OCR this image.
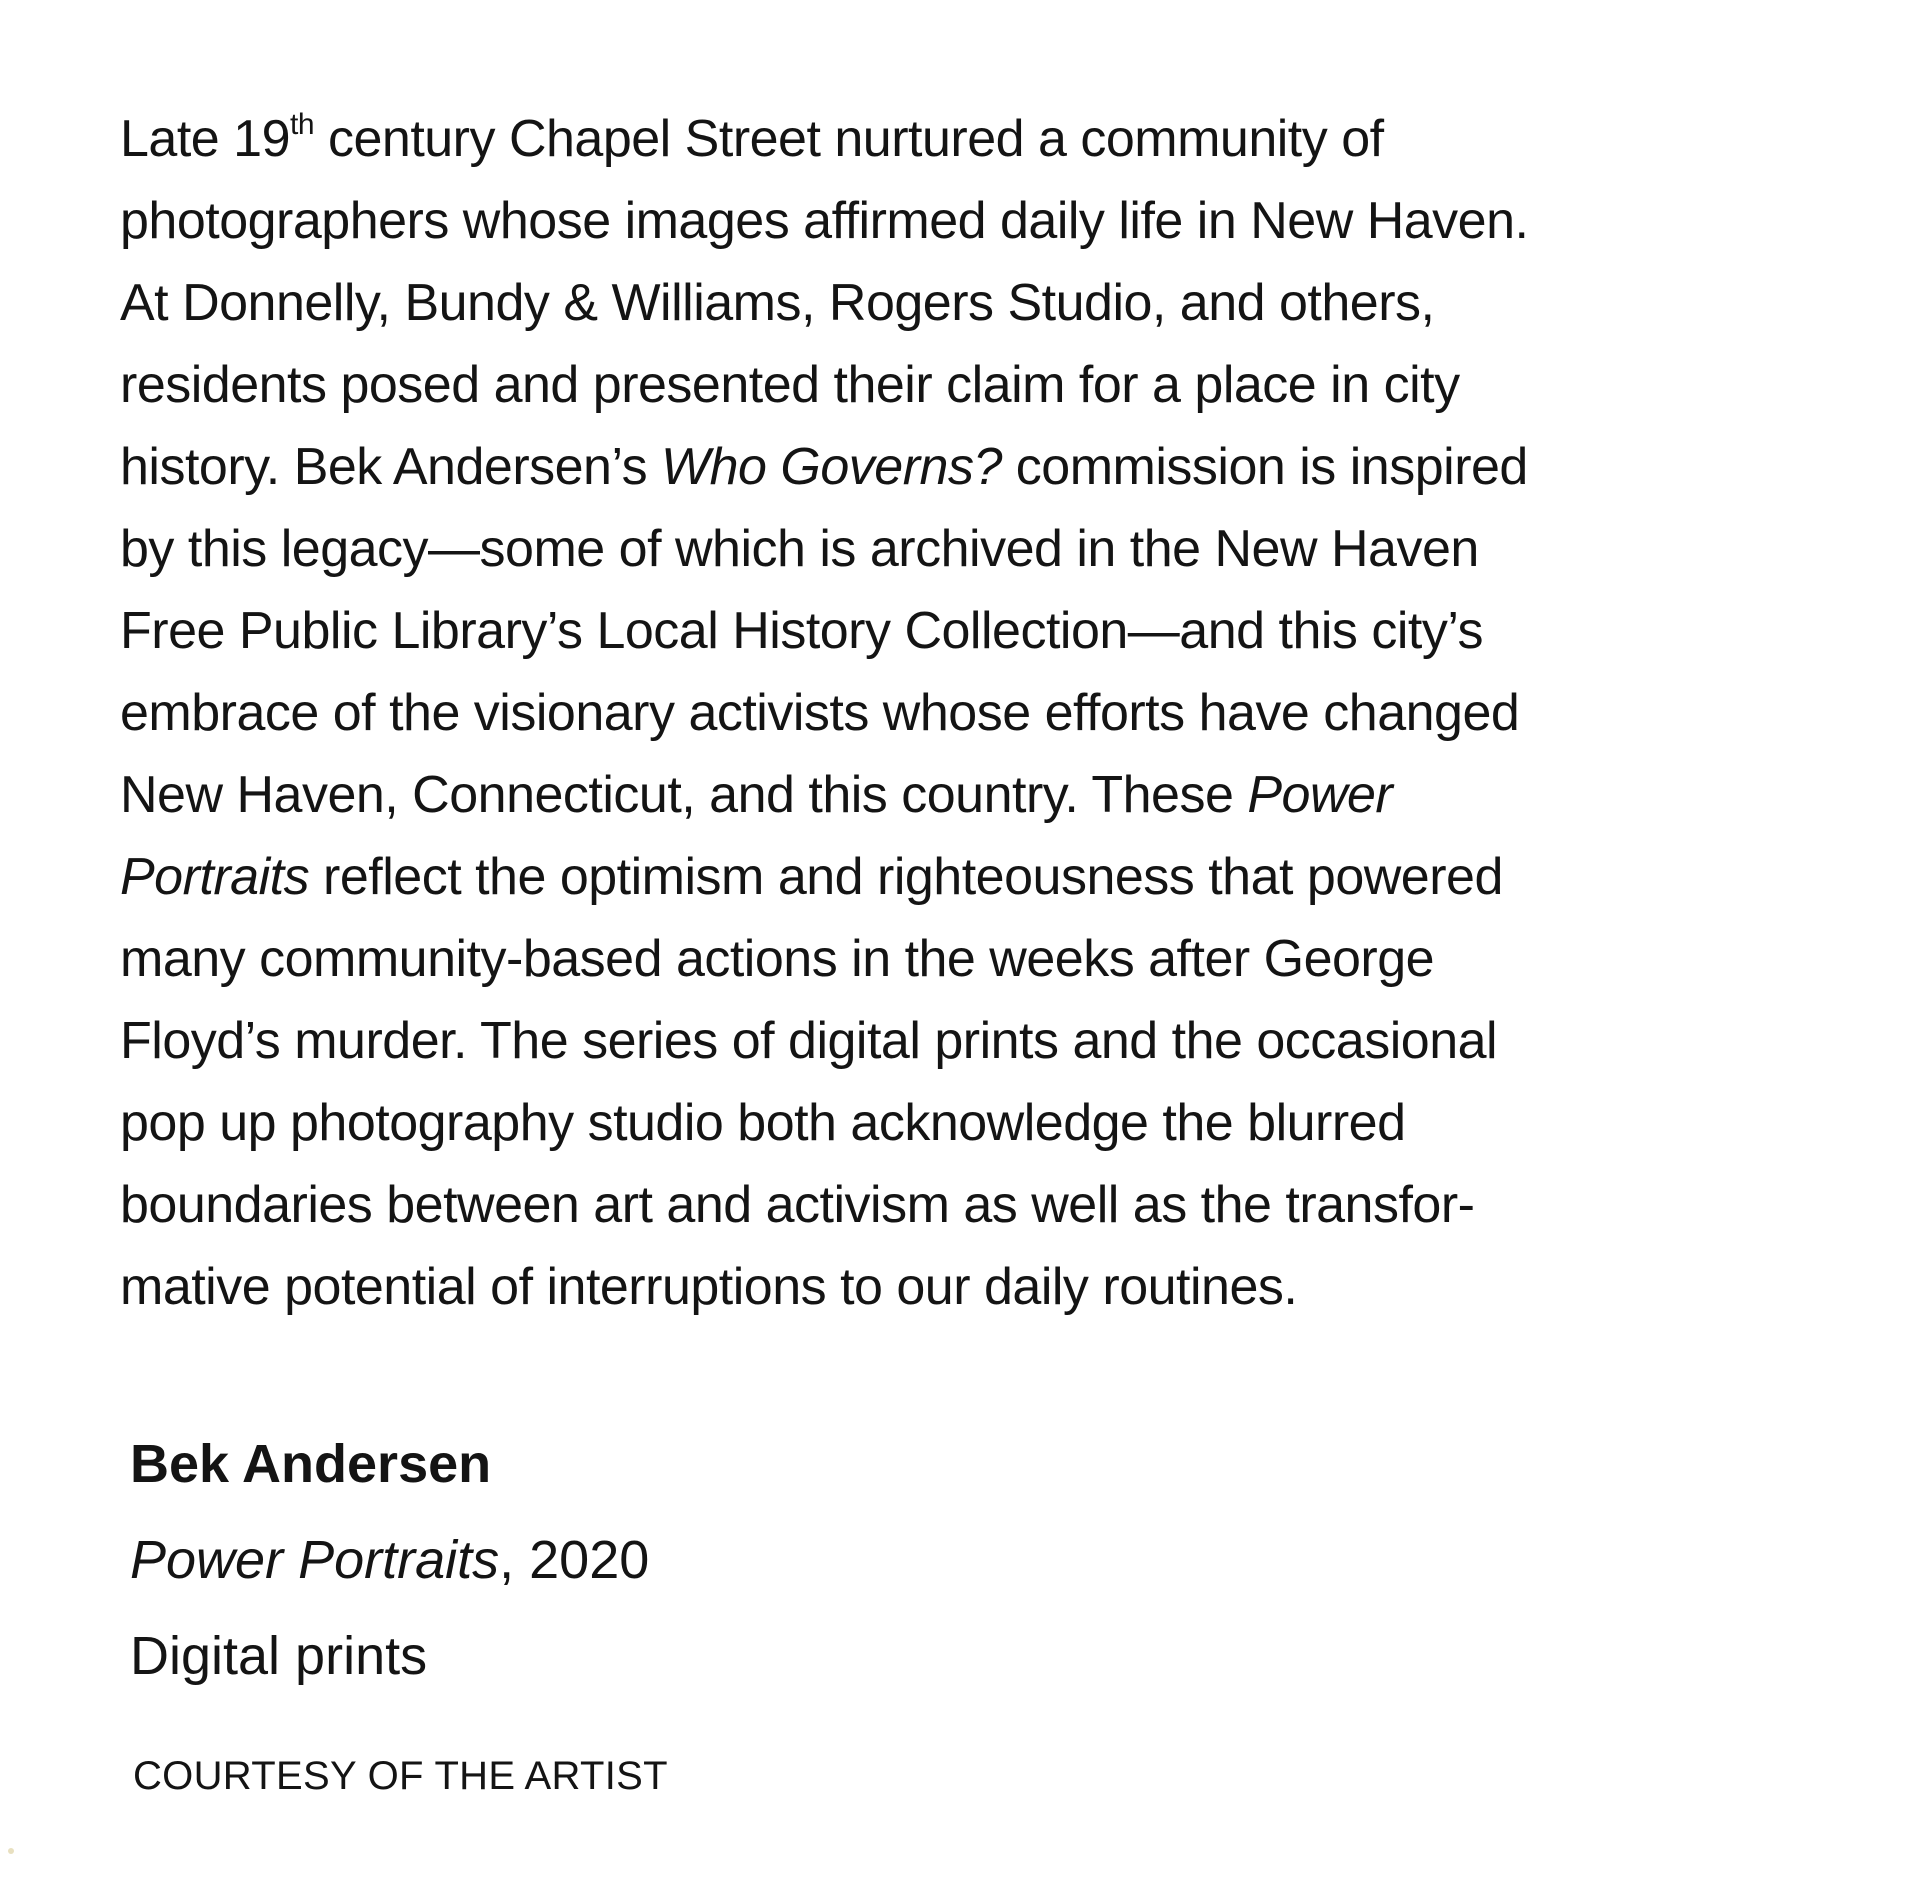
Late 19th century Chapel Street nurtured a community of
photographers whose images affirmed daily life in New Haven.
At Donnelly, Bundy & Williams, Rogers Studio, and others,
residents posed and presented their claim for a place in city
history. Bek Andersen’s Who Governs? commission is inspired
by this legacy—some of which is archived in the New Haven
Free Public Library’s Local History Collection—and this city’s
embrace of the visionary activists whose efforts have changed
New Haven, Connecticut, and this country. These Power
Portraits reflect the optimism and righteousness that powered
many community-based actions in the weeks after George
Floyd’s murder. The series of digital prints and the occasional
pop up photography studio both acknowledge the blurred
boundaries between art and activism as well as the transfor-
mative potential of interruptions to our daily routines.
Bek Andersen
Power Portraits, 2020
Digital prints
COURTESY OF THE ARTIST
